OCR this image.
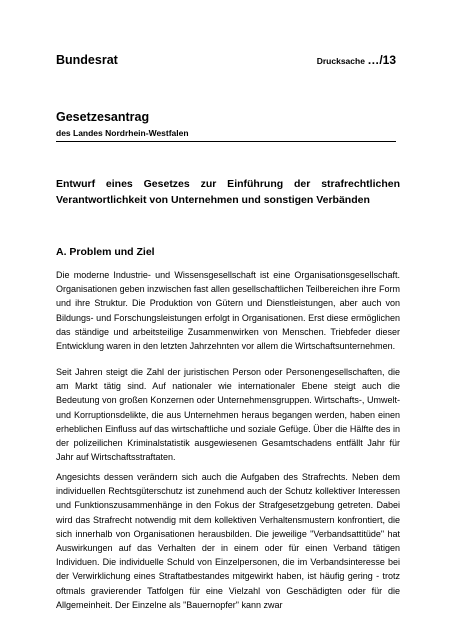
Bundesrat	Drucksache …/13
Gesetzesantrag
des Landes Nordrhein-Westfalen
Entwurf eines Gesetzes zur Einführung der strafrechtlichen Verantwortlichkeit von Unternehmen und sonstigen Verbänden
A. Problem und Ziel

Die moderne Industrie- und Wissensgesellschaft ist eine Organisationsgesellschaft. Organisationen geben inzwischen fast allen gesellschaftlichen Teilbereichen ihre Form und ihre Struktur. Die Produktion von Gütern und Dienstleistungen, aber auch von Bildungs- und Forschungsleistungen erfolgt in Organisationen. Erst diese ermöglichen das ständige und arbeitsteilige Zusammenwirken von Menschen. Triebfeder dieser Entwicklung waren in den letzten Jahrzehnten vor allem die Wirtschaftsunternehmen.

Seit Jahren steigt die Zahl der juristischen Person oder Personengesellschaften, die am Markt tätig sind. Auf nationaler wie internationaler Ebene steigt auch die Bedeutung von großen Konzernen oder Unternehmensgruppen. Wirtschafts-, Umwelt- und Korruptionsdelikte, die aus Unternehmen heraus begangen werden, haben einen erheblichen Einfluss auf das wirtschaftliche und soziale Gefüge. Über die Hälfte des in der polizeilichen Kriminalstatistik ausgewiesenen Gesamtschadens entfällt Jahr für Jahr auf Wirtschaftsstraftaten.

Angesichts dessen verändern sich auch die Aufgaben des Strafrechts. Neben dem individuellen Rechtsgüterschutz ist zunehmend auch der Schutz kollektiver Interessen und Funktionszusammenhänge in den Fokus der Strafgesetzgebung getreten. Dabei wird das Strafrecht notwendig mit dem kollektiven Verhaltensmustern konfrontiert, die sich innerhalb von Organisationen herausbilden. Die jeweilige "Verbandsattitüde" hat Auswirkungen auf das Verhalten der in einem oder für einen Verband tätigen Individuen. Die individuelle Schuld von Einzelpersonen, die im Verbandsinteresse bei der Verwirklichung eines Straftatbestandes mitgewirkt haben, ist häufig gering - trotz oftmals gravierender Tatfolgen für eine Vielzahl von Geschädigten oder für die Allgemeinheit. Der Einzelne als "Bauernopfer" kann zwar
